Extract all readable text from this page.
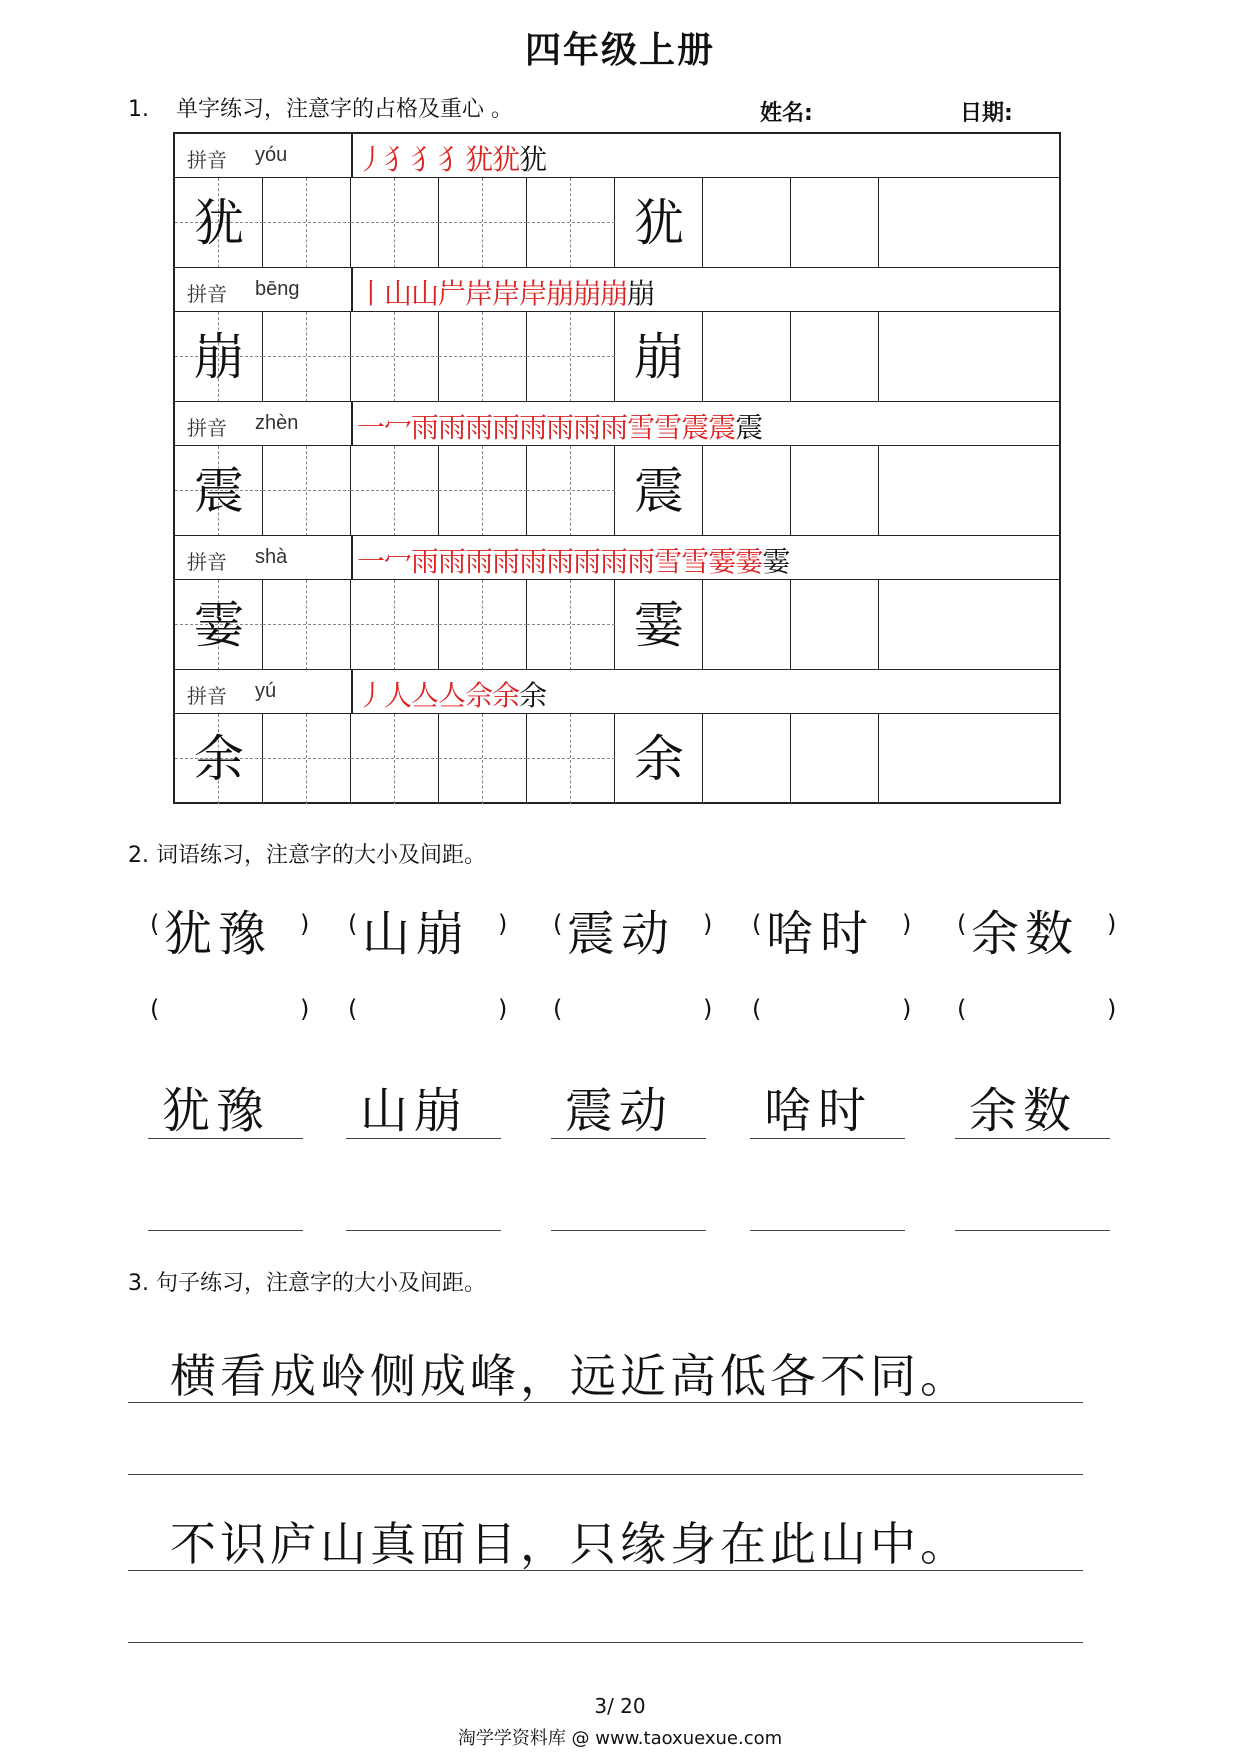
四年级上册
1. 单字练习，注意字的占格及重心 。	姓名:	日期:
拼音 yóu 丿犭犭犭犹犹犹
犹	犹
拼音 bēng 丨山山屵岸岸岸崩崩崩崩
崩	崩
拼音 zhèn 一冖雨雨雨雨雨雨雨雨雪雪震震震
震	震
拼音 shà 一冖雨雨雨雨雨雨雨雨雨雪雪霎霎霎
霎	霎
拼音 yú	丿人亼亼佘余余
余	余
2. 词语练习，注意字的大小及间距。
(	)
犹豫
(	)
犹豫
(	)
山崩
(	)
山崩
(	)
震动
(	)
震动
(	)
啥时
(	)
啥时
(	)
余数
(	)
余数
3. 句子练习，注意字的大小及间距。
横看成岭侧成峰，远近高低各不同。
不识庐山真面目，只缘身在此山中。
3/ 20
淘学学资料库 @ www.taoxuexue.com
